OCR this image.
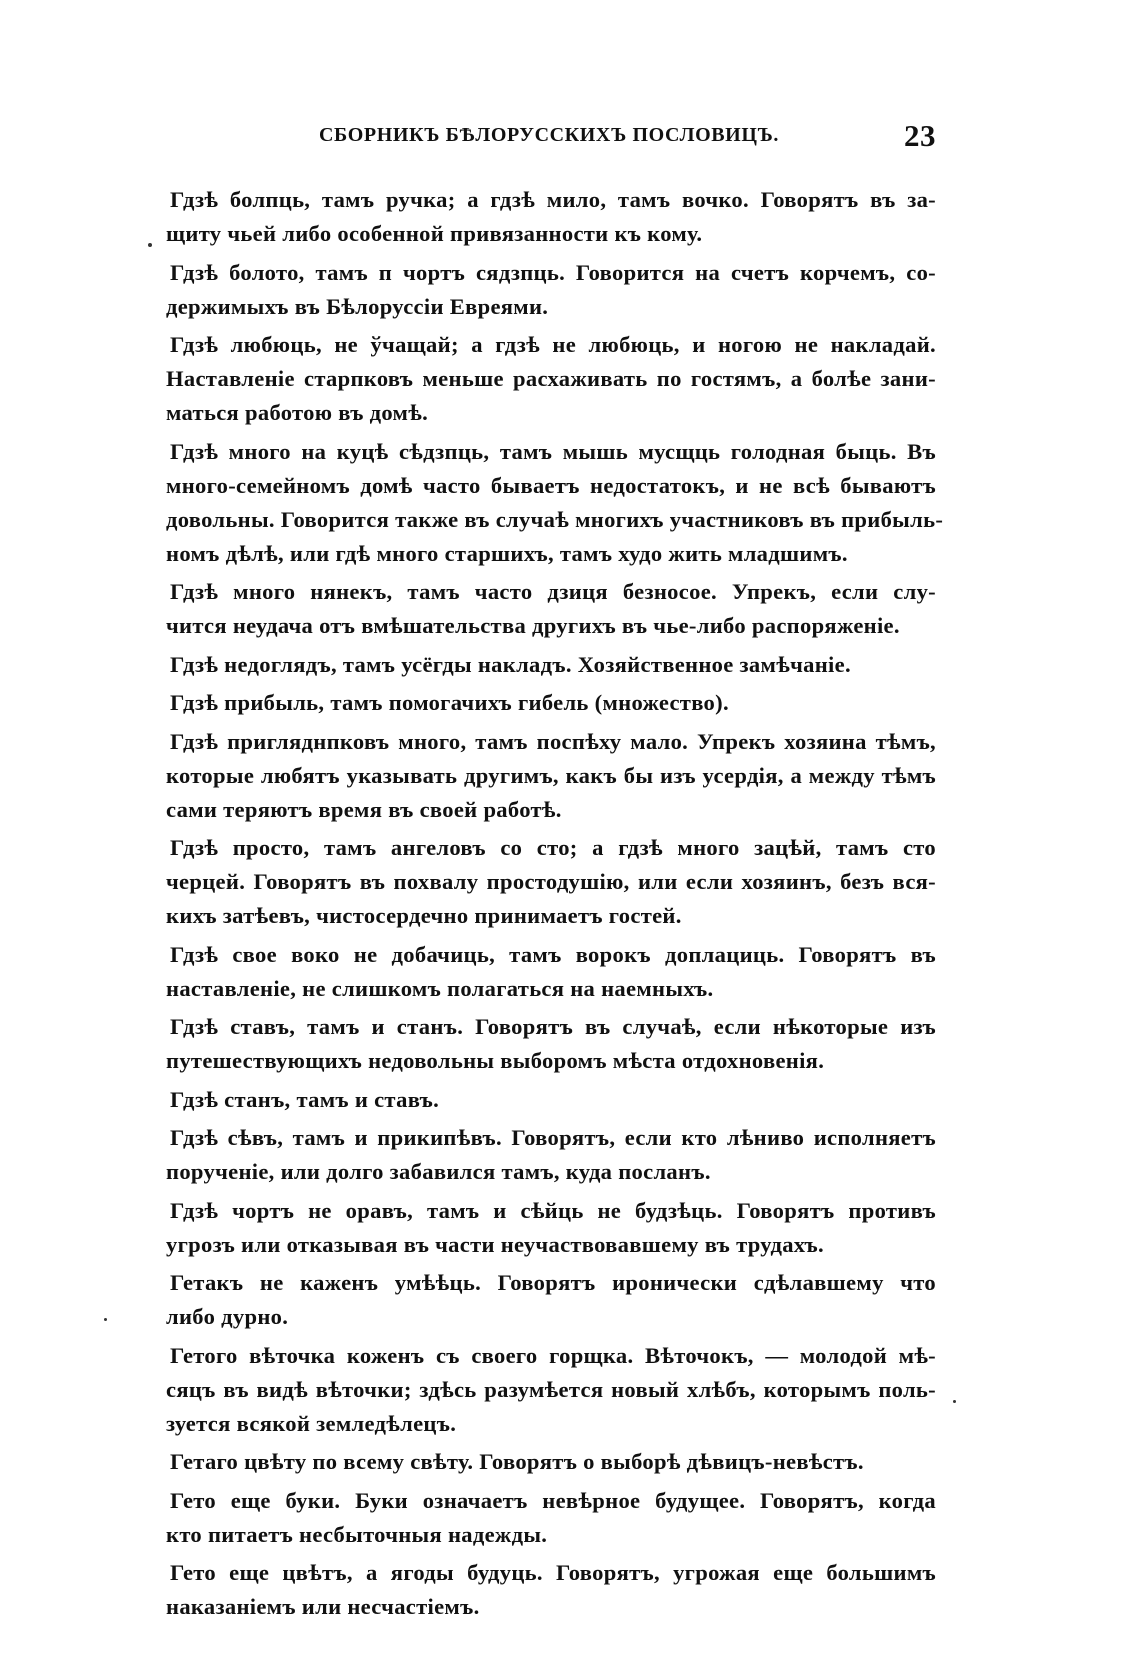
СБОРНИКЪ БѢЛОРУССКИХЪ ПОСЛОВИЦЪ.	23
Гдзѣ болпць, тамъ ручка; а гдзѣ мило, тамъ вочко. Говорятъ въ за-
щиту чьей либо особенной привязанности къ кому.
Гдзѣ болото, тамъ п чортъ сядзпць. Говорится на счетъ корчемъ, со-
держимыхъ въ Бѣлоруссіи Евреями.
Гдзѣ любюць, не ўчащай; а гдзѣ не любюць, и ногою не накладай.
Наставленіе старпковъ меньше расхаживать по гостямъ, а болѣе зани-
маться работою въ домѣ.
Гдзѣ много на куцѣ сѣдзпць, тамъ мышь мусщць голодная быць. Въ
много-семейномъ домѣ часто бываетъ недостатокъ, и не всѣ бываютъ
довольны. Говорится также въ случаѣ многихъ участниковъ въ прибыль-
номъ дѣлѣ, или гдѣ много старшихъ, тамъ худо жить младшимъ.
Гдзѣ много нянекъ, тамъ часто дзиця безносое. Упрекъ, если слу-
чится неудача отъ вмѣшательства другихъ въ чье-либо распоряженіе.
Гдзѣ недоглядъ, тамъ усёгды накладъ. Хозяйственное замѣчаніе.
Гдзѣ прибыль, тамъ помогачихъ гибель (множество).
Гдзѣ пригляднпковъ много, тамъ поспѣху мало. Упрекъ хозяина тѣмъ,
которые любятъ указывать другимъ, какъ бы изъ усердія, а между тѣмъ
сами теряютъ время въ своей работѣ.
Гдзѣ просто, тамъ ангеловъ со сто; а гдзѣ много зацѣй, тамъ сто
черцей. Говорятъ въ похвалу простодушію, или если хозяинъ, безъ вся-
кихъ затѣевъ, чистосердечно принимаетъ гостей.
Гдзѣ свое воко не добачиць, тамъ ворокъ доплациць. Говорятъ въ
наставленіе, не слишкомъ полагаться на наемныхъ.
Гдзѣ ставъ, тамъ и станъ. Говорятъ въ случаѣ, если нѣкоторые изъ
путешествующихъ недовольны выборомъ мѣста отдохновенія.
Гдзѣ станъ, тамъ и ставъ.
Гдзѣ сѣвъ, тамъ и прикипѣвъ. Говорятъ, если кто лѣниво исполняетъ
порученіе, или долго забавился тамъ, куда посланъ.
Гдзѣ чортъ не оравъ, тамъ и сѣйць не будзѣць. Говорятъ противъ
угрозъ или отказывая въ части неучаствовавшему въ трудахъ.
Гетакъ не каженъ умѣѣць. Говорятъ иронически сдѣлавшему что
либо дурно.
Гетого вѣточка коженъ съ своего горщка. Вѣточокъ, — молодой мѣ-
сяцъ въ видѣ вѣточки; здѣсь разумѣется новый хлѣбъ, которымъ поль-
зуется всякой земледѣлецъ.
Гетаго цвѣту по всему свѣту. Говорятъ о выборѣ дѣвицъ-невѣстъ.
Гето еще буки. Буки означаетъ невѣрное будущее. Говорятъ, когда
кто питаетъ несбыточныя надежды.
Гето еще цвѣтъ, а ягоды будуць. Говорятъ, угрожая еще большимъ
наказаніемъ или несчастіемъ.
